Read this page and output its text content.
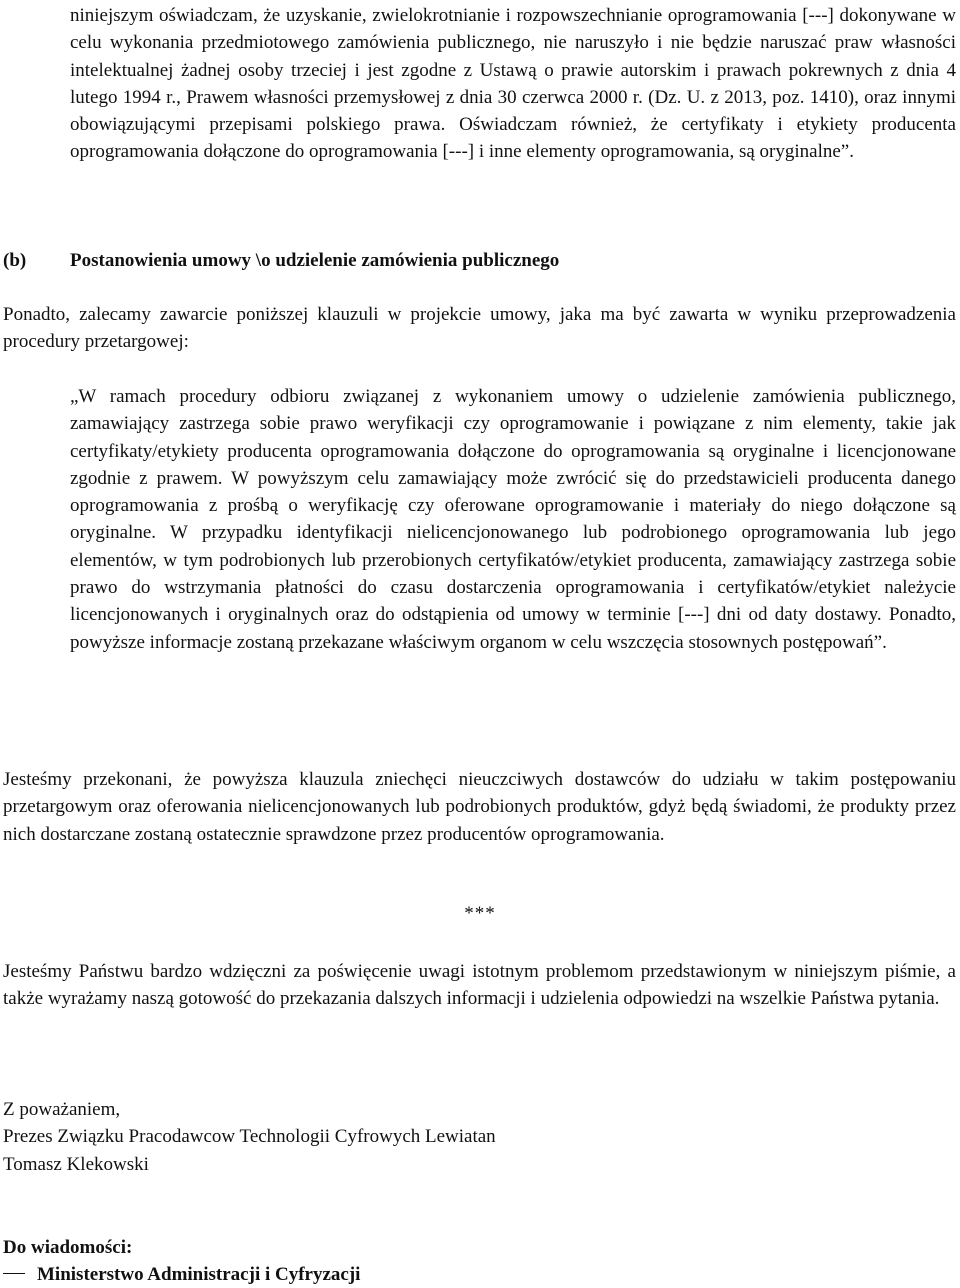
niniejszym oświadczam, że uzyskanie, zwielokrotnianie i rozpowszechnianie oprogramowania [---] dokonywane w celu wykonania przedmiotowego zamówienia publicznego, nie naruszyło i nie będzie naruszać praw własności intelektualnej żadnej osoby trzeciej i jest zgodne z Ustawą o prawie autorskim i prawach pokrewnych z dnia 4 lutego 1994 r., Prawem własności przemysłowej z dnia 30 czerwca 2000 r. (Dz. U. z 2013, poz. 1410), oraz innymi obowiązującymi przepisami polskiego prawa. Oświadczam również, że certyfikaty i etykiety producenta oprogramowania dołączone do oprogramowania [---] i inne elementy oprogramowania, są oryginalne”.

(b) Postanowienia umowy \o udzielenie zamówienia publicznego

Ponadto, zalecamy zawarcie poniższej klauzuli w projekcie umowy, jaka ma być zawarta w wyniku przeprowadzenia procedury przetargowej:

„W ramach procedury odbioru związanej z wykonaniem umowy o udzielenie zamówienia publicznego, zamawiający zastrzega sobie prawo weryfikacji czy oprogramowanie i powiązane z nim elementy, takie jak certyfikaty/etykiety producenta oprogramowania dołączone do oprogramowania są oryginalne i licencjonowane zgodnie z prawem. W powyższym celu zamawiający może zwrócić się do przedstawicieli producenta danego oprogramowania z prośbą o weryfikację czy oferowane oprogramowanie i materiały do niego dołączone są oryginalne. W przypadku identyfikacji nielicencjonowanego lub podrobionego oprogramowania lub jego elementów, w tym podrobionych lub przerobionych certyfikatów/etykiet producenta, zamawiający zastrzega sobie prawo do wstrzymania płatności do czasu dostarczenia oprogramowania i certyfikatów/etykiet należycie licencjonowanych i oryginalnych oraz do odstąpienia od umowy w terminie [---] dni od daty dostawy. Ponadto, powyższe informacje zostaną przekazane właściwym organom w celu wszczęcia stosownych postępowań”.

Jesteśmy przekonani, że powyższa klauzula zniechęci nieuczciwych dostawców do udziału w takim postępowaniu przetargowym oraz oferowania nielicencjonowanych lub podrobionych produktów, gdyż będą świadomi, że produkty przez nich dostarczane zostaną ostatecznie sprawdzone przez producentów oprogramowania.

***

Jesteśmy Państwu bardzo wdzięczni za poświęcenie uwagi istotnym problemom przedstawionym w niniejszym piśmie, a także wyrażamy naszą gotowość do przekazania dalszych informacji i udzielenia odpowiedzi na wszelkie Państwa pytania.

Z poważaniem,
Prezes Związku Pracodawcow Technologii Cyfrowych Lewiatan
Tomasz Klekowski
Do wiadomości:
Ministerstwo Administracji i Cyfryzacji
